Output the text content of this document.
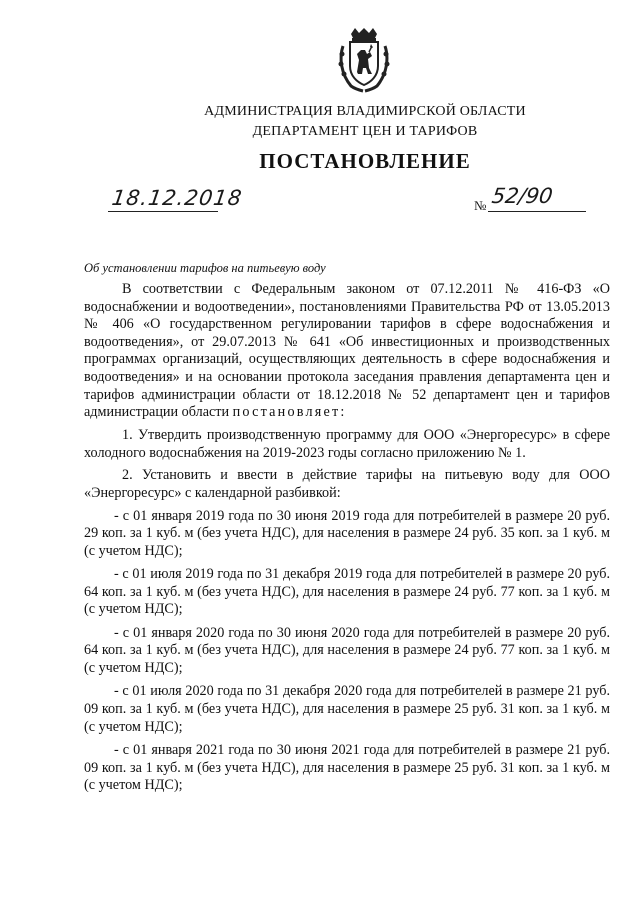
АДМИНИСТРАЦИЯ ВЛАДИМИРСКОЙ ОБЛАСТИ
ДЕПАРТАМЕНТ ЦЕН И ТАРИФОВ
ПОСТАНОВЛЕНИЕ
18.12.2018	№ 52/90
Об установлении тарифов на питьевую воду

В соответствии с Федеральным законом от 07.12.2011 № 416-ФЗ «О водоснабжении и водоотведении», постановлениями Правительства РФ от 13.05.2013 № 406 «О государственном регулировании тарифов в сфере водоснабжения и водоотведения», от 29.07.2013 № 641 «Об инвестиционных и производственных программах организаций, осуществляющих деятельность в сфере водоснабжения и водоотведения» и на основании протокола заседания правления департамента цен и тарифов администрации области от 18.12.2018 № 52 департамент цен и тарифов администрации области постановляет:

1. Утвердить производственную программу для ООО «Энергоресурс» в сфере холодного водоснабжения на 2019-2023 годы согласно приложению № 1.

2. Установить и ввести в действие тарифы на питьевую воду для ООО «Энергоресурс» с календарной разбивкой:

- с 01 января 2019 года по 30 июня 2019 года для потребителей в размере 20 руб. 29 коп. за 1 куб. м (без учета НДС), для населения в размере 24 руб. 35 коп. за 1 куб. м (с учетом НДС);

- с 01 июля 2019 года по 31 декабря 2019 года для потребителей в размере 20 руб. 64 коп. за 1 куб. м (без учета НДС), для населения в размере 24 руб. 77 коп. за 1 куб. м (с учетом НДС);

- с 01 января 2020 года по 30 июня 2020 года для потребителей в размере 20 руб. 64 коп. за 1 куб. м (без учета НДС), для населения в размере 24 руб. 77 коп. за 1 куб. м (с учетом НДС);

- с 01 июля 2020 года по 31 декабря 2020 года для потребителей в размере 21 руб. 09 коп. за 1 куб. м (без учета НДС), для населения в размере 25 руб. 31 коп. за 1 куб. м (с учетом НДС);

- с 01 января 2021 года по 30 июня 2021 года для потребителей в размере 21 руб. 09 коп. за 1 куб. м (без учета НДС), для населения в размере 25 руб. 31 коп. за 1 куб. м (с учетом НДС);
